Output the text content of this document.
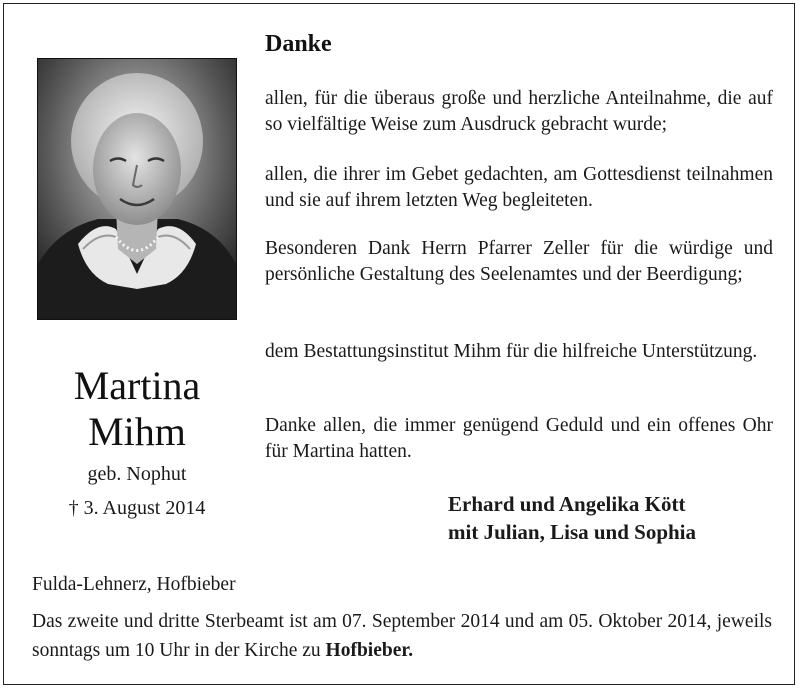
Martina
Mihm
geb. Nophut
† 3. August 2014
Danke
allen, für die überaus große und herzliche Anteilnahme, die auf so vielfältige Weise zum Ausdruck gebracht wurde;
allen, die ihrer im Gebet gedachten, am Gottesdienst teilnahmen und sie auf ihrem letzten Weg begleiteten.
Besonderen Dank Herrn Pfarrer Zeller für die würdige und persönliche Gestaltung des Seelenamtes und der Beerdigung;
dem Bestattungsinstitut Mihm für die hilfreiche Unterstützung.
Danke allen, die immer genügend Geduld und ein offenes Ohr für Martina hatten.
Erhard und Angelika Kött
mit Julian, Lisa und Sophia
Fulda-Lehnerz, Hofbieber
Das zweite und dritte Sterbeamt ist am 07. September 2014 und am 05. Oktober 2014, jeweils sonntags um 10 Uhr in der Kirche zu Hofbieber.
